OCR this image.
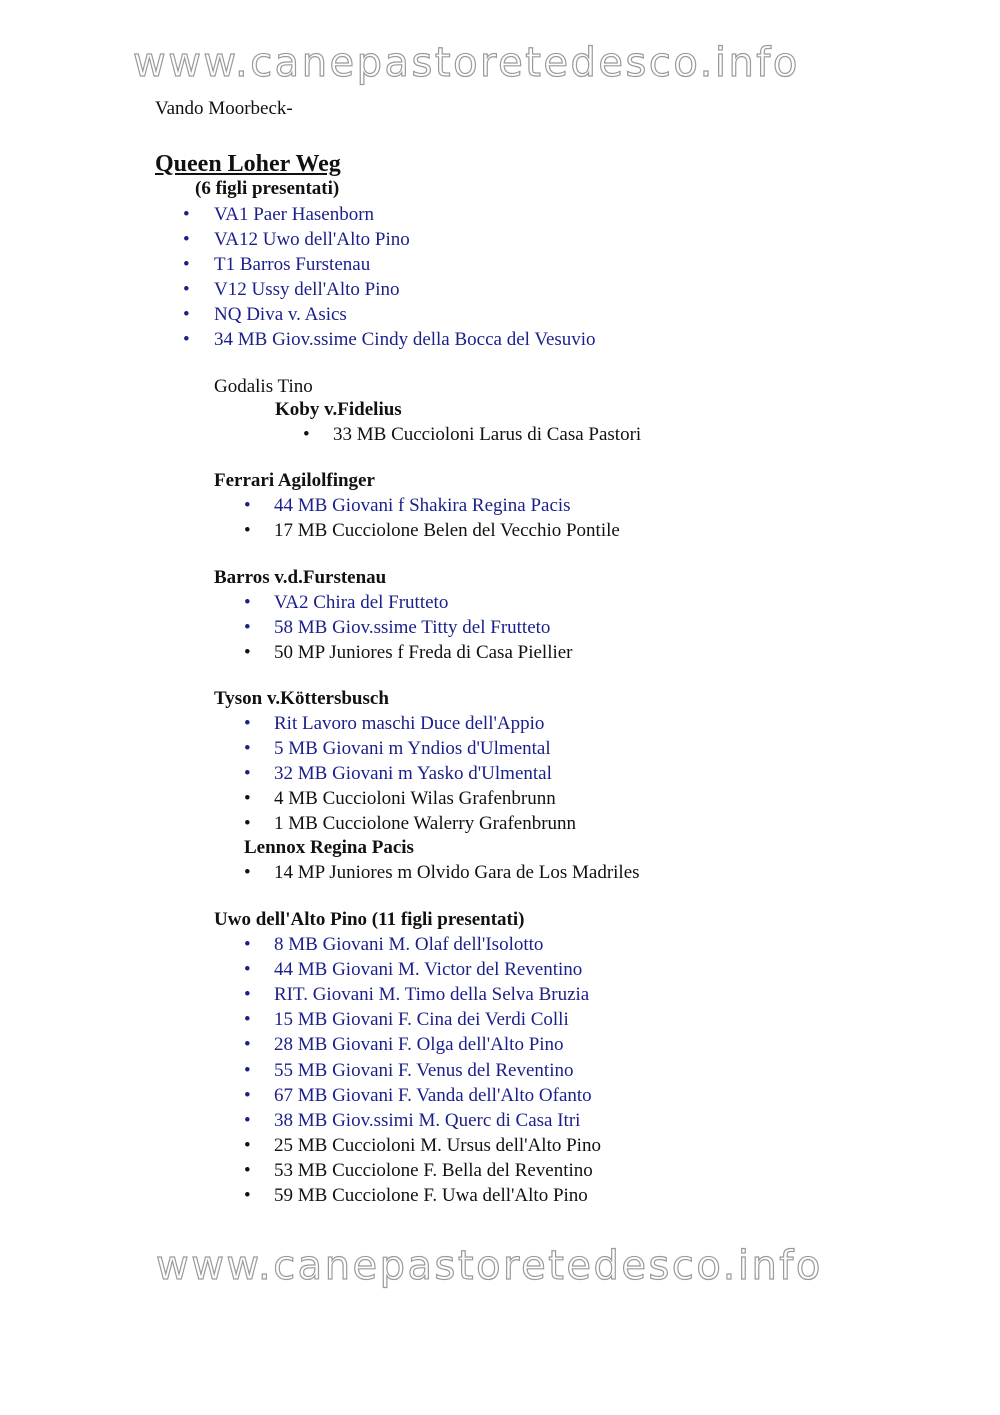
www.canepastoretedesco.info
Vando Moorbeck-
Queen Loher Weg
(6 figli presentati)
• VA1 Paer Hasenborn
• VA12 Uwo dell'Alto Pino
• T1 Barros Furstenau
• V12 Ussy dell'Alto Pino
• NQ Diva v. Asics
• 34 MB Giov.ssime Cindy della Bocca del Vesuvio
Godalis Tino
Koby v.Fidelius
• 33 MB Cuccioloni Larus di Casa Pastori
Ferrari Agilolfinger
• 44 MB Giovani f Shakira Regina Pacis
• 17 MB Cucciolone Belen del Vecchio Pontile
Barros v.d.Furstenau
• VA2 Chira del Frutteto
• 58 MB Giov.ssime Titty del Frutteto
• 50 MP Juniores f Freda di Casa Piellier
Tyson v.Köttersbusch
• Rit Lavoro maschi Duce dell'Appio
• 5 MB Giovani m Yndios d'Ulmental
• 32 MB Giovani m Yasko d'Ulmental
• 4 MB Cuccioloni Wilas Grafenbrunn
• 1 MB Cucciolone Walerry Grafenbrunn
Lennox Regina Pacis
• 14 MP Juniores m Olvido Gara de Los Madriles
Uwo dell'Alto Pino (11 figli presentati)
• 8 MB Giovani M. Olaf dell'Isolotto
• 44 MB Giovani M. Victor del Reventino
• RIT. Giovani M. Timo della Selva Bruzia
• 15 MB Giovani F. Cina dei Verdi Colli
• 28 MB Giovani F. Olga dell'Alto Pino
• 55 MB Giovani F. Venus del Reventino
• 67 MB Giovani F. Vanda dell'Alto Ofanto
• 38 MB Giov.ssimi M. Querc di Casa Itri
• 25 MB Cuccioloni M. Ursus dell'Alto Pino
• 53 MB Cucciolone F. Bella del Reventino
• 59 MB Cucciolone F. Uwa dell'Alto Pino
www.canepastoretedesco.info
